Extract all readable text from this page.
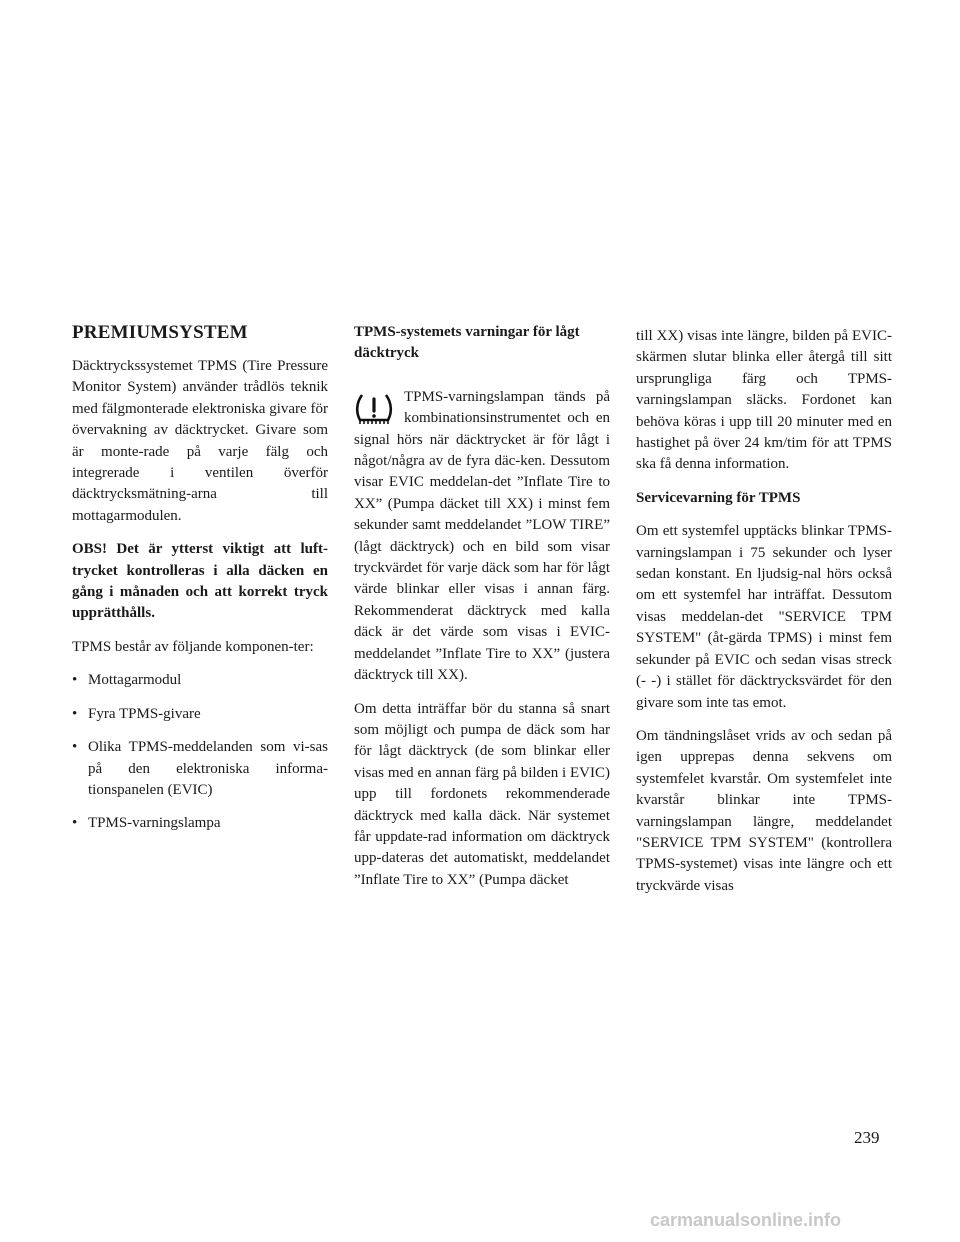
PREMIUMSYSTEM

Däcktryckssystemet TPMS (Tire Pressure Monitor System) använder trådlös teknik med fälgmonterade elektroniska givare för övervakning av däcktrycket. Givare som är monte-rade på varje fälg och integrerade i ventilen överför däcktrycksmätning-arna till mottagarmodulen.

OBS! Det är ytterst viktigt att luft-trycket kontrolleras i alla däcken en gång i månaden och att korrekt tryck upprätthålls.

TPMS består av följande komponen-ter:

• Mottagarmodul
• Fyra TPMS-givare
• Olika TPMS-meddelanden som vi-sas på den elektroniska informa-tionspanelen (EVIC)
• TPMS-varningslampa
TPMS-systemets varningar för lågt däcktryck

TPMS-varningslampan tänds på kombinationsinstrumentet och en signal hörs när däcktrycket är för lågt i något/några av de fyra däc-ken. Dessutom visar EVIC meddelan-det ”Inflate Tire to XX” (Pumpa däcket till XX) i minst fem sekunder samt meddelandet ”LOW TIRE” (lågt däcktryck) och en bild som visar tryckvärdet för varje däck som har för lågt värde blinkar eller visas i annan färg. Rekommenderat däcktryck med kalla däck är det värde som visas i EVIC-meddelandet ”Inflate Tire to XX” (justera däcktryck till XX).

Om detta inträffar bör du stanna så snart som möjligt och pumpa de däck som har för lågt däcktryck (de som blinkar eller visas med en annan färg på bilden i EVIC) upp till fordonets rekommenderade däcktryck med kalla däck. När systemet får uppdate-rad information om däcktryck upp-dateras det automatiskt, meddelandet ”Inflate Tire to XX” (Pumpa däcket

till XX) visas inte längre, bilden på EVIC-skärmen slutar blinka eller återgå till sitt ursprungliga färg och TPMS-varningslampan släcks. Fordonet kan behöva köras i upp till 20 minuter med en hastighet på över 24 km/tim för att TPMS ska få denna information.

Servicevarning för TPMS

Om ett systemfel upptäcks blinkar TPMS-varningslampan i 75 sekunder och lyser sedan konstant. En ljudsig-nal hörs också om ett systemfel har inträffat. Dessutom visas meddelan-det "SERVICE TPM SYSTEM" (åt-gärda TPMS) i minst fem sekunder på EVIC och sedan visas streck (- -) i stället för däcktrycksvärdet för den givare som inte tas emot.

Om tändningslåset vrids av och sedan på igen upprepas denna sekvens om systemfelet kvarstår. Om systemfelet inte kvarstår blinkar inte TPMS-varningslampan längre, meddelandet "SERVICE TPM SYSTEM" (kontrollera TPMS-systemet) visas inte längre och ett tryckvärde visas

239
carmanualsonline.info
